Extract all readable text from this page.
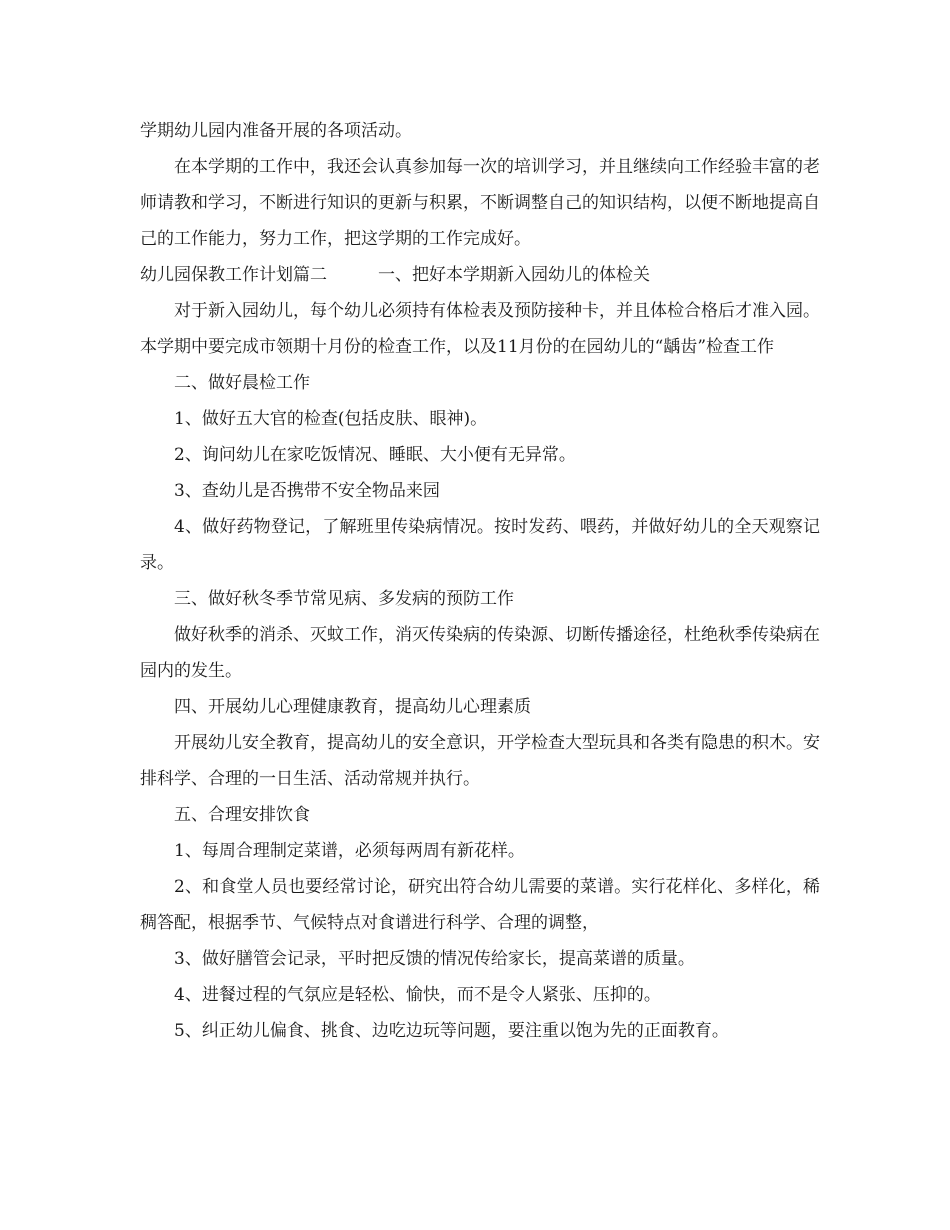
学期幼儿园内准备开展的各项活动。

在本学期的工作中，我还会认真参加每一次的培训学习，并且继续向工作经验丰富的老师请教和学习，不断进行知识的更新与积累，不断调整自己的知识结构，以便不断地提高自己的工作能力，努力工作，把这学期的工作完成好。

幼儿园保教工作计划篇二　　　一、把好本学期新入园幼儿的体检关

对于新入园幼儿，每个幼儿必须持有体检表及预防接种卡，并且体检合格后才准入园。本学期中要完成市领期十月份的检查工作，以及11月份的在园幼儿的“龋齿”检查工作

二、做好晨检工作

1、做好五大官的检查(包括皮肤、眼神)。

2、询问幼儿在家吃饭情况、睡眠、大小便有无异常。

3、查幼儿是否携带不安全物品来园

4、做好药物登记，了解班里传染病情况。按时发药、喂药，并做好幼儿的全天观察记录。

三、做好秋冬季节常见病、多发病的预防工作

做好秋季的消杀、灭蚊工作，消灭传染病的传染源、切断传播途径，杜绝秋季传染病在园内的发生。

四、开展幼儿心理健康教育，提高幼儿心理素质

开展幼儿安全教育，提高幼儿的安全意识，开学检查大型玩具和各类有隐患的积木。安排科学、合理的一日生活、活动常规并执行。

五、合理安排饮食

1、每周合理制定菜谱，必须每两周有新花样。

2、和食堂人员也要经常讨论，研究出符合幼儿需要的菜谱。实行花样化、多样化，稀稠答配，根据季节、气候特点对食谱进行科学、合理的调整，

3、做好膳管会记录，平时把反馈的情况传给家长，提高菜谱的质量。

4、进餐过程的气氛应是轻松、愉快，而不是令人紧张、压抑的。

5、纠正幼儿偏食、挑食、边吃边玩等问题，要注重以饱为先的正面教育。
